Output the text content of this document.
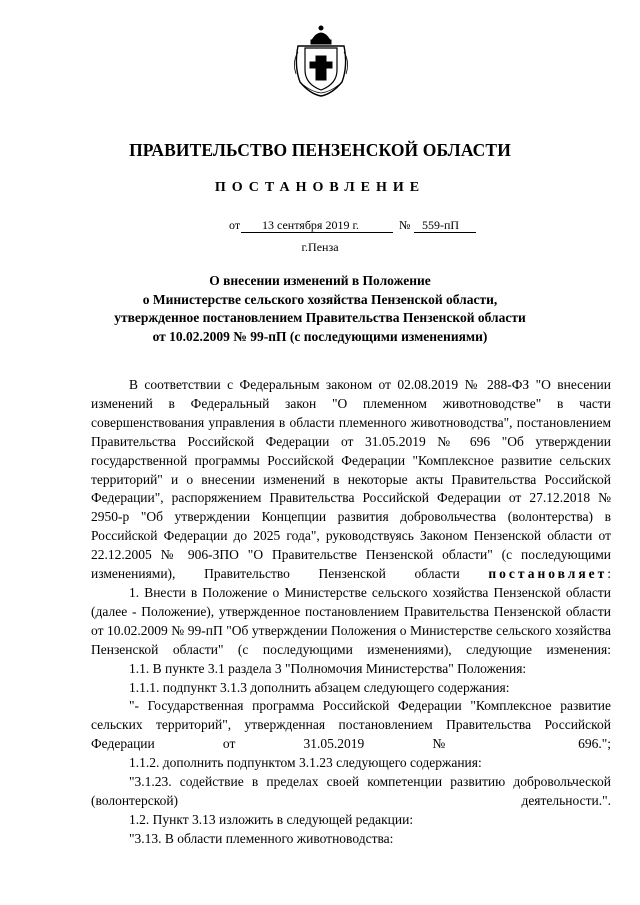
ПРАВИТЕЛЬСТВО ПЕНЗЕНСКОЙ ОБЛАСТИ
ПОСТАНОВЛЕНИЕ
от 13 сентября 2019 г.	№ 559-пП
г.Пенза
О внесении изменений в Положение
о Министерстве сельского хозяйства Пензенской области,
утвержденное постановлением Правительства Пензенской области
от 10.02.2009 № 99-пП (с последующими изменениями)

В соответствии с Федеральным законом от 02.08.2019 № 288-ФЗ "О внесении изменений в Федеральный закон "О племенном животноводстве" в части совершенствования управления в области племенного животноводства", постановлением Правительства Российской Федерации от 31.05.2019 № 696 "Об утверждении государственной программы Российской Федерации "Комплексное развитие сельских территорий" и о внесении изменений в некоторые акты Правительства Российской Федерации", распоряжением Правительства Российской Федерации от 27.12.2018 № 2950-р "Об утверждении Концепции развития добровольчества (волонтерства) в Российской Федерации до 2025 года", руководствуясь Законом Пензенской области от 22.12.2005 № 906-ЗПО "О Правительстве Пензенской области" (с последующими изменениями), Правительство Пензенской области постановляет:

1. Внести в Положение о Министерстве сельского хозяйства Пензенской области (далее - Положение), утвержденное постановлением Правительства Пензенской области от 10.02.2009 № 99-пП "Об утверждении Положения о Министерстве сельского хозяйства Пензенской области" (с последующими изменениями), следующие изменения:

1.1. В пункте 3.1 раздела 3 "Полномочия Министерства" Положения:

1.1.1. подпункт 3.1.3 дополнить абзацем следующего содержания:

"- Государственная программа Российской Федерации "Комплексное развитие сельских территорий", утвержденная постановлением Правительства Российской Федерации от 31.05.2019 № 696.";

1.1.2. дополнить подпунктом 3.1.23 следующего содержания:

"3.1.23. содействие в пределах своей компетенции развитию добровольческой (волонтерской) деятельности.".

1.2. Пункт 3.13 изложить в следующей редакции:

"3.13. В области племенного животноводства:
